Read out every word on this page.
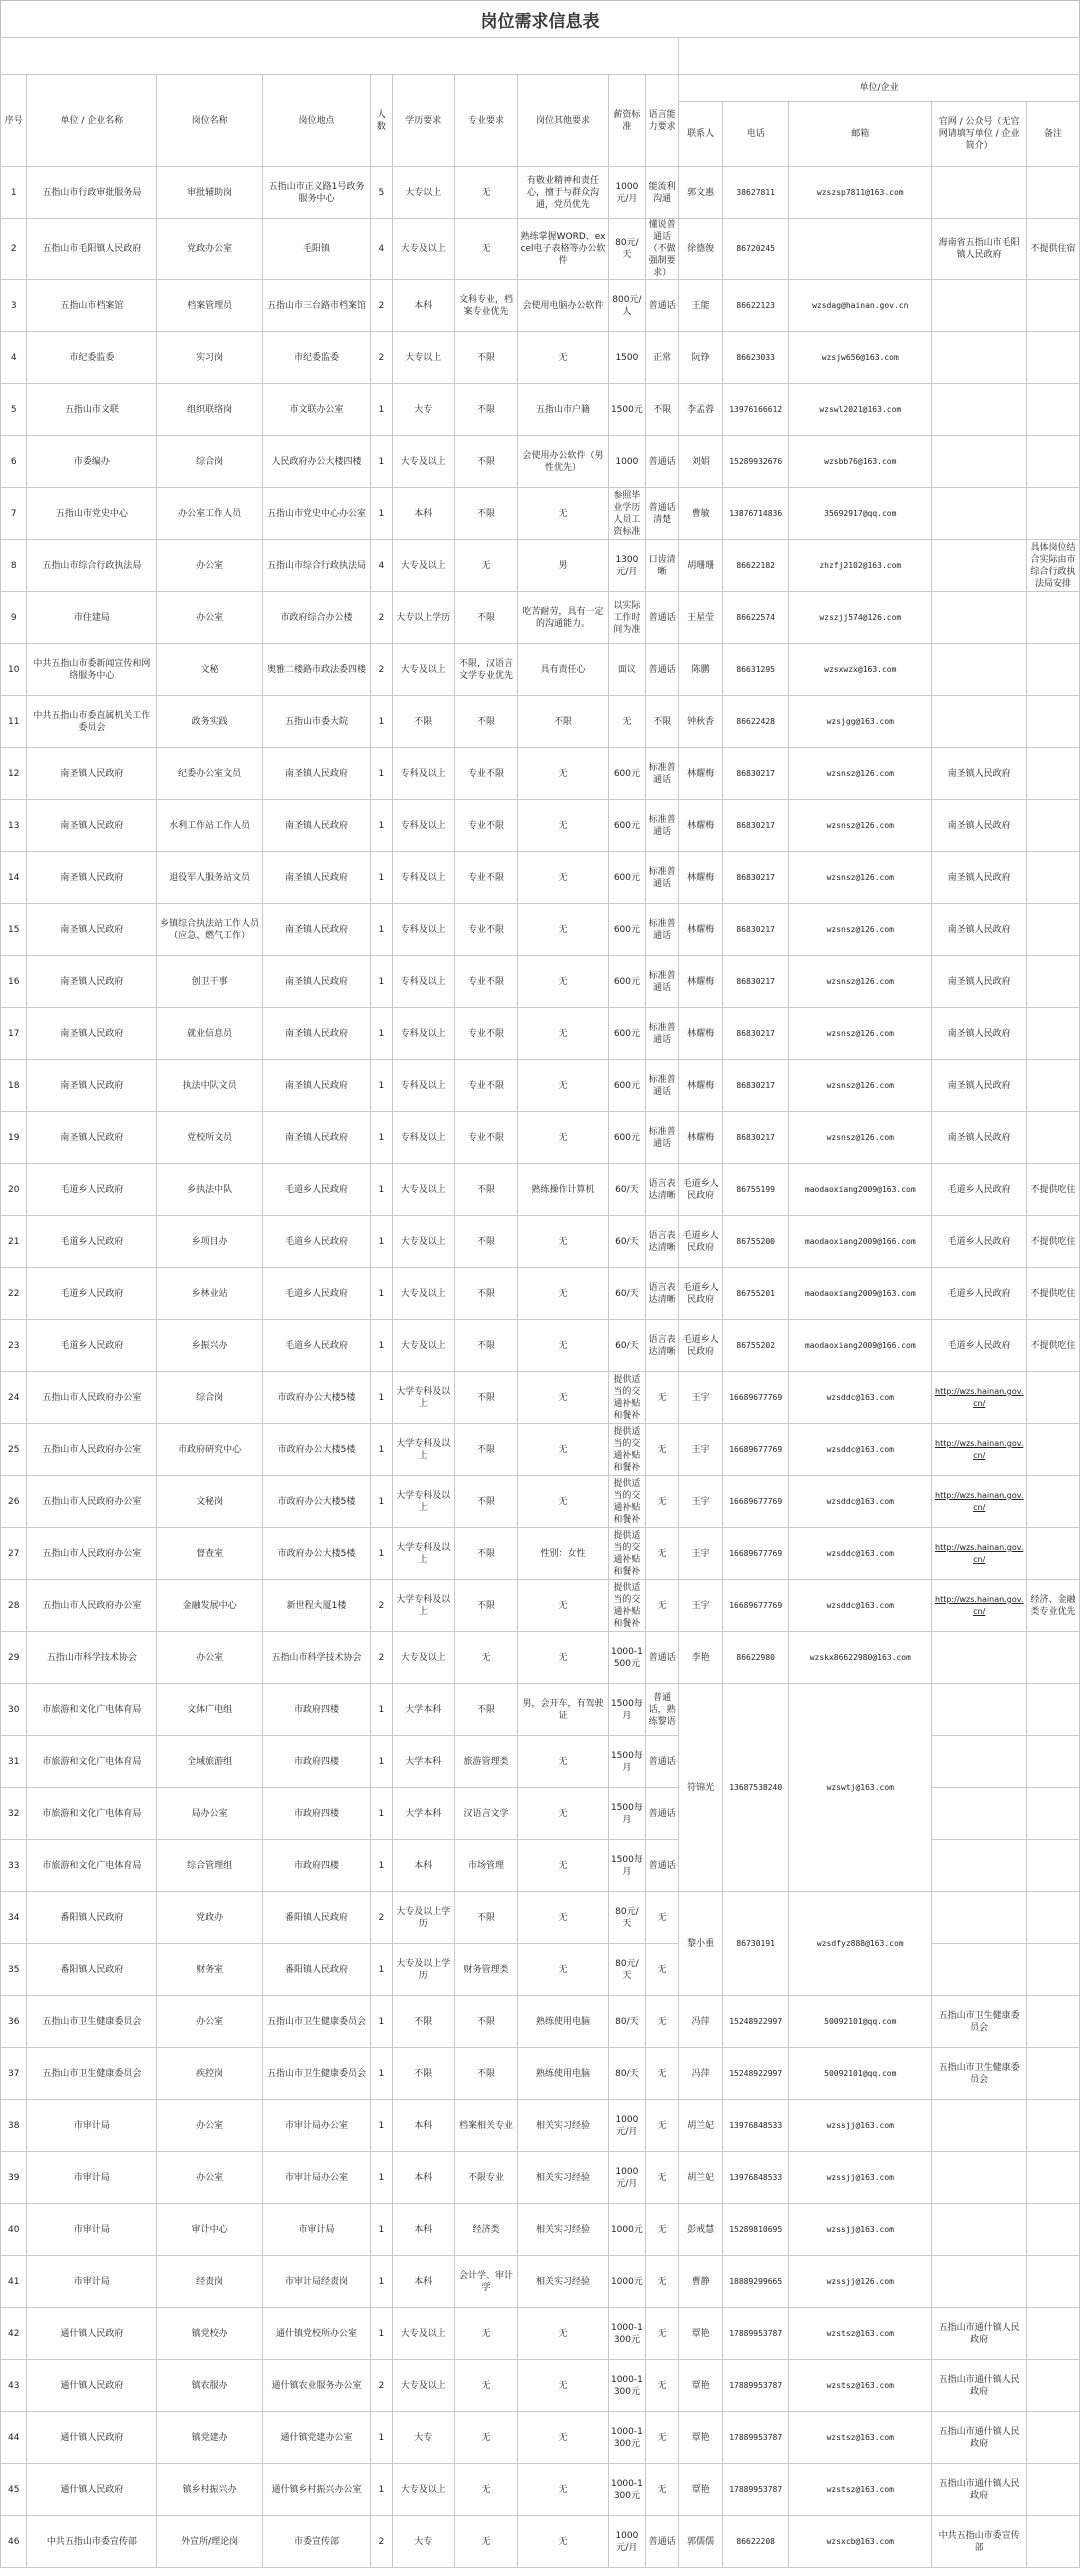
岗位需求信息表

序号	单位 / 企业名称	岗位名称	岗位地点	人数	学历要求	专业要求	岗位其他要求	薪资标准	语言能力要求	单位/企业				
										联系人	电话	邮箱	官网 / 公众号（无官网请填写单位 / 企业简介）	备注
1	五指山市行政审批服务局	审批辅助岗	五指山市正义路1号政务服务中心	5	大专以上	无	有敬业精神和责任心，擅于与群众沟通，党员优先	1000元/月	能流利沟通	郭文惠	38627811	wzszsp7811@163.com		
2	五指山市毛阳镇人民政府	党政办公室	毛阳镇	4	大专及以上	无	熟练掌握WORD、excel电子表格等办公软件	80元/天	懂说普通话（不做强制要求）	徐德俊	86720245		海南省五指山市毛阳镇人民政府	不提供住宿
3	五指山市档案馆	档案管理员	五指山市三台路市档案馆	2	本科	文科专业，档案专业优先	会使用电脑办公软件	800元/人	普通话	王能	86622123	wzsdag@hainan.gov.cn		
4	市纪委监委	实习岗	市纪委监委	2	大专以上	不限	无	1500	正常	阮铮	86623033	wzsjw656@163.com		
5	五指山市文联	组织联络岗	市文联办公室	1	大专	不限	五指山市户籍	1500元	不限	李孟蓉	13976166612	wzswl2021@163.com		
6	市委编办	综合岗	人民政府办公大楼四楼	1	大专及以上	不限	会使用办公软件（男性优先）	1000	普通话	刘娟	15289932676	wzsbb76@163.com		
7	五指山市党史中心	办公室工作人员	五指山市党史中心办公室	1	本科	不限	无	参照毕业学历人员工资标准	普通话清楚	曹敏	13876714836	35692917@qq.com		
8	五指山市综合行政执法局	办公室	五指山市综合行政执法局	4	大专及以上	无	男	1300元/月	口齿清晰	胡珊珊	86622182	zhzfj2102@163.com		具体岗位结合实际由市综合行政执法局安排
9	市住建局	办公室	市政府综合办公楼	2	大专以上学历	不限	吃苦耐劳，具有一定的沟通能力。	以实际工作时间为准	普通话	王星莹	86622574	wzszjj574@126.com		
10	中共五指山市委新闻宣传和网络服务中心	文秘	奥雅二楼路市政法委四楼	2	大专及以上	不限，汉语言文学专业优先	具有责任心	面议	普通话	陈鹏	86631295	wzsxwzx@163.com		
11	中共五指山市委直属机关工作委员会	政务实践	五指山市委大院	1	不限	不限	不限	无	不限	钟秋香	86622428	wzsjgg@163.com		
12	南圣镇人民政府	纪委办公室文员	南圣镇人民政府	1	专科及以上	专业不限	无	600元	标准普通话	林耀梅	86830217	wzsnsz@126.com	南圣镇人民政府	
13	南圣镇人民政府	水利工作站工作人员	南圣镇人民政府	1	专科及以上	专业不限	无	600元	标准普通话	林耀梅	86830217	wzsnsz@126.com	南圣镇人民政府	
14	南圣镇人民政府	退役军人服务站文员	南圣镇人民政府	1	专科及以上	专业不限	无	600元	标准普通话	林耀梅	86830217	wzsnsz@126.com	南圣镇人民政府	
15	南圣镇人民政府	乡镇综合执法站工作人员（应急、燃气工作）	南圣镇人民政府	1	专科及以上	专业不限	无	600元	标准普通话	林耀梅	86830217	wzsnsz@126.com	南圣镇人民政府	
16	南圣镇人民政府	创卫干事	南圣镇人民政府	1	专科及以上	专业不限	无	600元	标准普通话	林耀梅	86830217	wzsnsz@126.com	南圣镇人民政府	
17	南圣镇人民政府	就业信息员	南圣镇人民政府	1	专科及以上	专业不限	无	600元	标准普通话	林耀梅	86830217	wzsnsz@126.com	南圣镇人民政府	
18	南圣镇人民政府	执法中队文员	南圣镇人民政府	1	专科及以上	专业不限	无	600元	标准普通话	林耀梅	86830217	wzsnsz@126.com	南圣镇人民政府	
19	南圣镇人民政府	党校所文员	南圣镇人民政府	1	专科及以上	专业不限	无	600元	标准普通话	林耀梅	86830217	wzsnsz@126.com	南圣镇人民政府	
20	毛道乡人民政府	乡执法中队	毛道乡人民政府	1	大专及以上	不限	熟练操作计算机	60/天	语言表达清晰	毛道乡人民政府	86755199	maodaoxiang2009@163.com	毛道乡人民政府	不提供吃住
21	毛道乡人民政府	乡项目办	毛道乡人民政府	1	大专及以上	不限	无	60/天	语言表达清晰	毛道乡人民政府	86755200	maodaoxiang2009@166.com	毛道乡人民政府	不提供吃住
22	毛道乡人民政府	乡林业站	毛道乡人民政府	1	大专及以上	不限	无	60/天	语言表达清晰	毛道乡人民政府	86755201	maodaoxiang2009@163.com	毛道乡人民政府	不提供吃住
23	毛道乡人民政府	乡振兴办	毛道乡人民政府	1	大专及以上	不限	无	60/天	语言表达清晰	毛道乡人民政府	86755202	maodaoxiang2009@166.com	毛道乡人民政府	不提供吃住
24	五指山市人民政府办公室	综合岗	市政府办公大楼5楼	1	大学专科及以上	不限	无	提供适当的交通补贴和餐补	无	王宇	16689677769	wzsddc@163.com	http://wzs.hainan.gov.cn/	
25	五指山市人民政府办公室	市政府研究中心	市政府办公大楼5楼	1	大学专科及以上	不限	无	提供适当的交通补贴和餐补	无	王宇	16689677769	wzsddc@163.com	http://wzs.hainan.gov.cn/	
26	五指山市人民政府办公室	文秘岗	市政府办公大楼5楼	1	大学专科及以上	不限	无	提供适当的交通补贴和餐补	无	王宇	16689677769	wzsddc@163.com	http://wzs.hainan.gov.cn/	
27	五指山市人民政府办公室	督查室	市政府办公大楼5楼	1	大学专科及以上	不限	性别：女性	提供适当的交通补贴和餐补	无	王宇	16689677769	wzsddc@163.com	http://wzs.hainan.gov.cn/	
28	五指山市人民政府办公室	金融发展中心	新世程大厦1楼	2	大学专科及以上	不限	无	提供适当的交通补贴和餐补	无	王宇	16689677769	wzsddc@163.com	http://wzs.hainan.gov.cn/	经济、金融类专业优先
29	五指山市科学技术协会	办公室	五指山市科学技术协会	2	大专及以上	无	无	1000-1500元	普通话	李艳	86622980	wzskx86622980@163.com		
30	市旅游和文化广电体育局	文体广电组	市政府四楼	1	大学本科	不限	男，会开车，有驾驶证	1500每月	普通话，熟练黎语	符锦光	13687538240	wzswtj@163.com		
31	市旅游和文化广电体育局	全域旅游组	市政府四楼	1	大学本科	旅游管理类	无	1500每月	普通话					
32	市旅游和文化广电体育局	局办公室	市政府四楼	1	大学本科	汉语言文学	无	1500每月	普通话					
33	市旅游和文化广电体育局	综合管理组	市政府四楼	1	本科	市场管理	无	1500每月	普通话					
34	番阳镇人民政府	党政办	番阳镇人民政府	2	大专及以上学历	不限	无	80元/天	无	黎小重	86730191	wzsdfyz888@163.com		
35	番阳镇人民政府	财务室	番阳镇人民政府	1	大专及以上学历	财务管理类	无	80元/天	无					
36	五指山市卫生健康委员会	办公室	五指山市卫生健康委员会	1	不限	不限	熟练使用电脑	80/天	无	冯萍	15248922997	50092101@qq.com	五指山市卫生健康委员会	
37	五指山市卫生健康委员会	疾控岗	五指山市卫生健康委员会	1	不限	不限	熟练使用电脑	80/天	无	冯萍	15248922997	50092101@qq.com	五指山市卫生健康委员会	
38	市审计局	办公室	市审计局办公室	1	本科	档案相关专业	相关实习经验	1000元/月	无	胡兰妃	13976848533	wzssjj@163.com		
39	市审计局	办公室	市审计局办公室	1	本科	不限专业	相关实习经验	1000元/月	无	胡兰妃	13976848533	wzssjj@163.com		
40	市审计局	审计中心	市审计局	1	本科	经济类	相关实习经验	1000元	无	彭戒慧	15289810695	wzssjj@163.com		
41	市审计局	经责岗	市审计局经责岗	1	本科	会计学、审计学	相关实习经验	1000元	无	曹静	18889299665	wzssjj@126.com		
42	通什镇人民政府	镇党校办	通什镇党校所办公室	1	大专及以上	无	无	1000-1300元	无	覃艳	17889953787	wzstsz@163.com	五指山市通什镇人民政府	
43	通什镇人民政府	镇农服办	通什镇农业服务办公室	2	大专及以上	无	无	1000-1300元	无	覃艳	17889953787	wzstsz@163.com	五指山市通什镇人民政府	
44	通什镇人民政府	镇党建办	通什镇党建办公室	1	大专	无	无	1000-1300元	无	覃艳	17889953787	wzstsz@163.com	五指山市通什镇人民政府	
45	通什镇人民政府	镇乡村振兴办	通什镇乡村振兴办公室	1	大专及以上	无	无	1000-1300元	无	覃艳	17889953787	wzstsz@163.com	五指山市通什镇人民政府	
46	中共五指山市委宣传部	外宣所/理论岗	市委宣传部	2	大专	无	无	1000元/月	普通话	郭儒儒	86622208	wzsxcb@163.com	中共五指山市委宣传部	
